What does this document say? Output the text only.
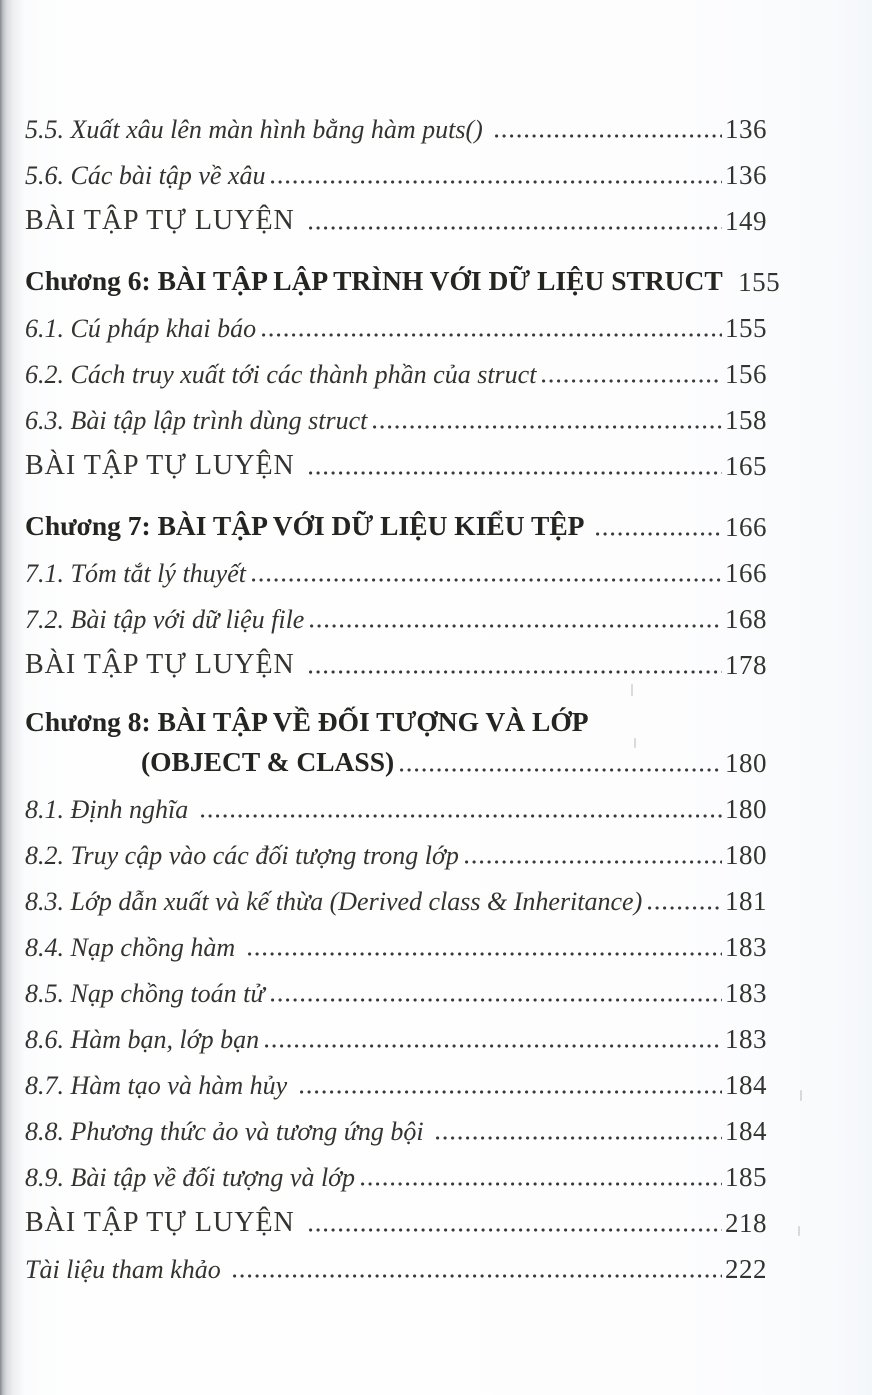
5.5. Xuất xâu lên màn hình bằng hàm puts()	136
5.6. Các bài tập về xâu	136
BÀI TẬP TỰ LUYỆN	149
Chương 6: BÀI TẬP LẬP TRÌNH VỚI DỮ LIỆU STRUCT 155
6.1. Cú pháp khai báo	155
6.2. Cách truy xuất tới các thành phần của struct	156
6.3. Bài tập lập trình dùng struct	158
BÀI TẬP TỰ LUYỆN	165
Chương 7: BÀI TẬP VỚI DỮ LIỆU KIỂU TỆP	166
7.1. Tóm tắt lý thuyết	166
7.2. Bài tập với dữ liệu file	168
BÀI TẬP TỰ LUYỆN	178
Chương 8: BÀI TẬP VỀ ĐỐI TƯỢNG VÀ LỚP
(OBJECT & CLASS)	180
8.1. Định nghĩa	180
8.2. Truy cập vào các đối tượng trong lớp	180
8.3. Lớp dẫn xuất và kế thừa (Derived class & Inheritance)	181
8.4. Nạp chồng hàm	183
8.5. Nạp chồng toán tử	183
8.6. Hàm bạn, lớp bạn	183
8.7. Hàm tạo và hàm hủy	184
8.8. Phương thức ảo và tương ứng bội	184
8.9. Bài tập về đối tượng và lớp	185
BÀI TẬP TỰ LUYỆN	218
Tài liệu tham khảo	222
